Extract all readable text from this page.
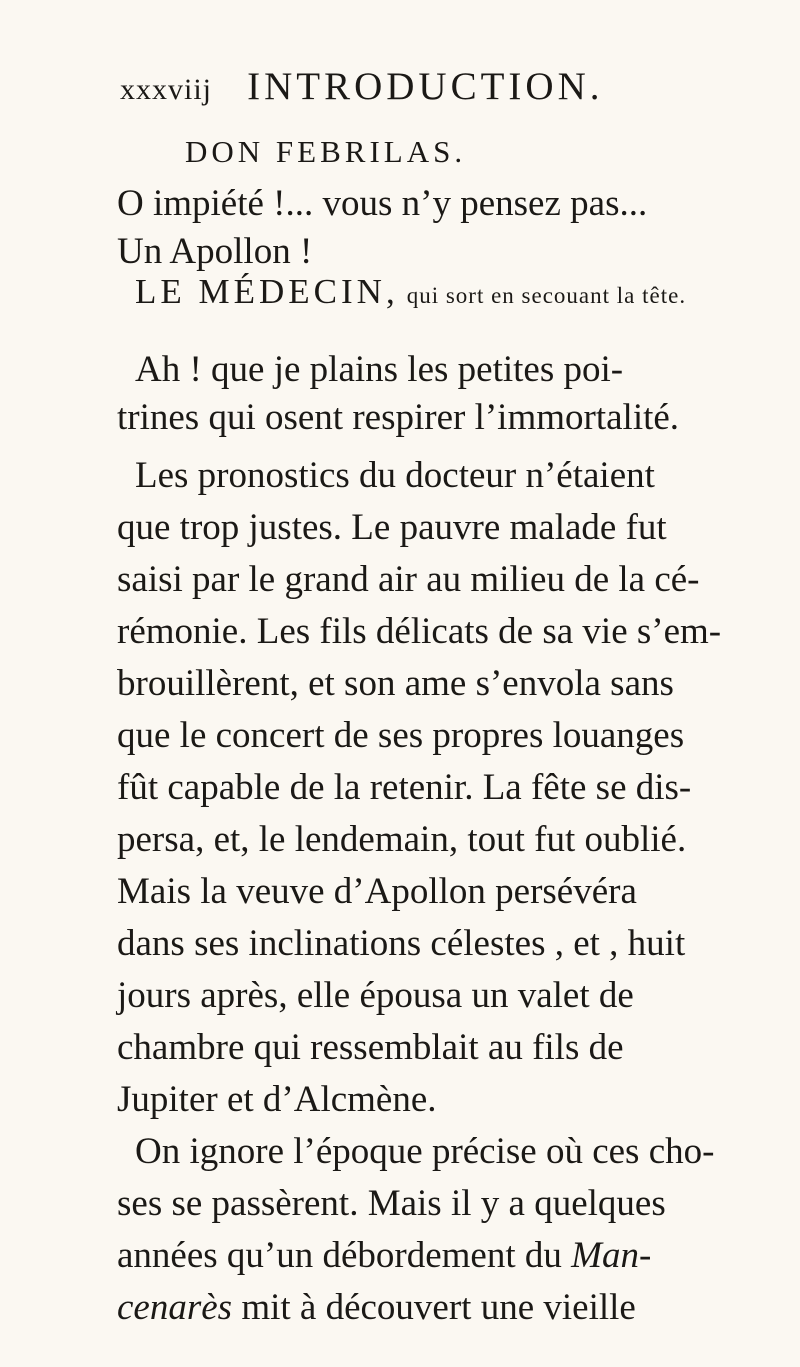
xxxviij INTRODUCTION.
DON FEBRILAS.
O impiété !... vous n’y pensez pas...
Un Apollon !
LE MÉDECIN, qui sort en secouant la tête.
Ah ! que je plains les petites poi-
trines qui osent respirer l’immortalité.
Les pronostics du docteur n’étaient
que trop justes. Le pauvre malade fut
saisi par le grand air au milieu de la cé-
rémonie. Les fils délicats de sa vie s’em-
brouillèrent, et son ame s’envola sans
que le concert de ses propres louanges
fût capable de la retenir. La fête se dis-
persa, et, le lendemain, tout fut oublié.
Mais la veuve d’Apollon persévéra
dans ses inclinations célestes , et , huit
jours après, elle épousa un valet de
chambre qui ressemblait au fils de
Jupiter et d’Alcmène.
On ignore l’époque précise où ces cho-
ses se passèrent. Mais il y a quelques
années qu’un débordement du Man-
cenarès mit à découvert une vieille
